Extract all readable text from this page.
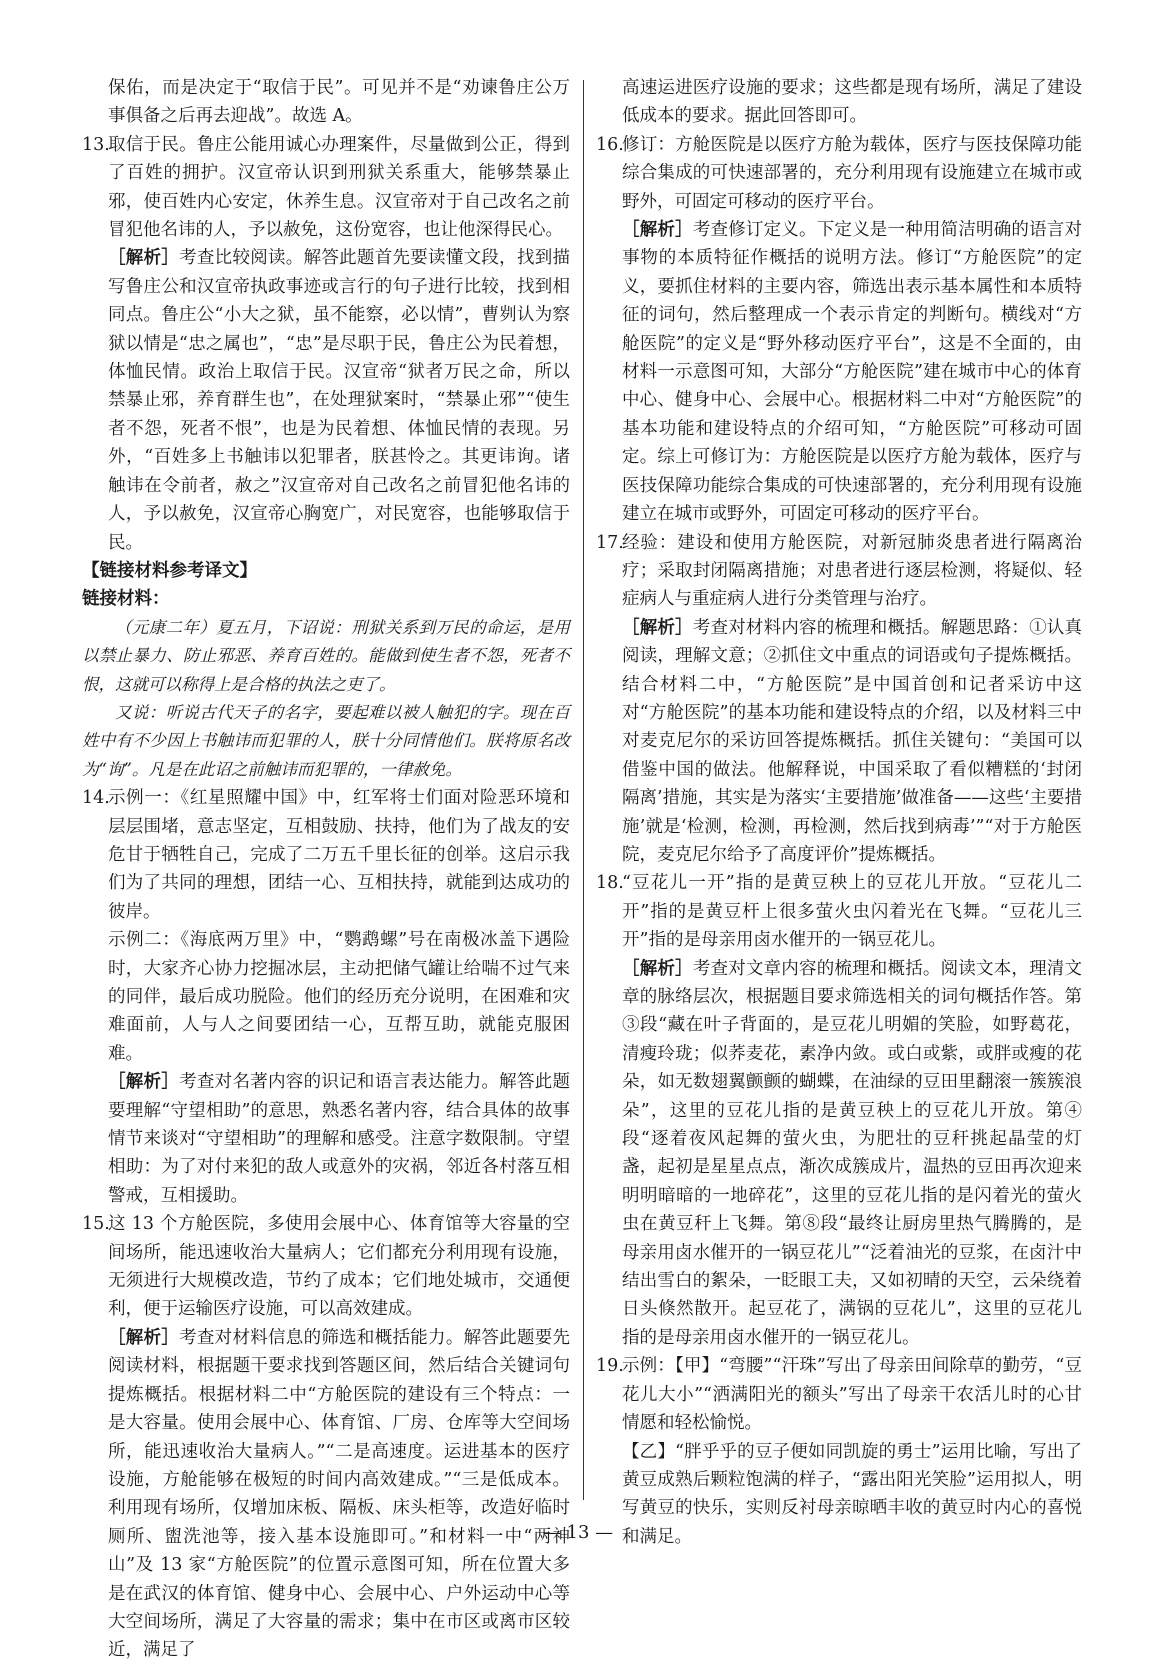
保佑，而是决定于“取信于民”。可见并不是“劝谏鲁庄公万事俱备之后再去迎战”。故选 A。

13.

取信于民。鲁庄公能用诚心办理案件，尽量做到公正，得到了百姓的拥护。汉宣帝认识到刑狱关系重大，能够禁暴止邪，使百姓内心安定，休养生息。汉宣帝对于自己改名之前冒犯他名讳的人，予以赦免，这份宽容，也让他深得民心。

［解析］考查比较阅读。解答此题首先要读懂文段，找到描写鲁庄公和汉宣帝执政事迹或言行的句子进行比较，找到相同点。鲁庄公“小大之狱，虽不能察，必以情”，曹刿认为察狱以情是“忠之属也”，“忠”是尽职于民，鲁庄公为民着想，体恤民情。政治上取信于民。汉宣帝“狱者万民之命，所以禁暴止邪，养育群生也”，在处理狱案时，“禁暴止邪”“使生者不怨，死者不恨”，也是为民着想、体恤民情的表现。另外，“百姓多上书触讳以犯罪者，朕甚怜之。其更讳询。诸触讳在令前者，赦之”汉宣帝对自己改名之前冒犯他名讳的人，予以赦免，汉宣帝心胸宽广，对民宽容，也能够取信于民。

【链接材料参考译文】

链接材料：

（元康二年）夏五月，下诏说：刑狱关系到万民的命运，是用以禁止暴力、防止邪恶、养育百姓的。能做到使生者不怨，死者不恨，这就可以称得上是合格的执法之吏了。

又说：听说古代天子的名字，要起难以被人触犯的字。现在百姓中有不少因上书触讳而犯罪的人，朕十分同情他们。朕将原名改为“询”。凡是在此诏之前触讳而犯罪的，一律赦免。

14.

示例一：《红星照耀中国》中，红军将士们面对险恶环境和层层围堵，意志坚定，互相鼓励、扶持，他们为了战友的安危甘于牺牲自己，完成了二万五千里长征的创举。这启示我们为了共同的理想，团结一心、互相扶持，就能到达成功的彼岸。

示例二：《海底两万里》中，“鹦鹉螺”号在南极冰盖下遇险时，大家齐心协力挖掘冰层，主动把储气罐让给喘不过气来的同伴，最后成功脱险。他们的经历充分说明，在困难和灾难面前，人与人之间要团结一心，互帮互助，就能克服困难。

［解析］考查对名著内容的识记和语言表达能力。解答此题要理解“守望相助”的意思，熟悉名著内容，结合具体的故事情节来谈对“守望相助”的理解和感受。注意字数限制。守望相助：为了对付来犯的敌人或意外的灾祸，邻近各村落互相警戒，互相援助。

15.

这 13 个方舱医院，多使用会展中心、体育馆等大容量的空间场所，能迅速收治大量病人；它们都充分利用现有设施，无须进行大规模改造，节约了成本；它们地处城市，交通便利，便于运输医疗设施，可以高效建成。

［解析］考查对材料信息的筛选和概括能力。解答此题要先阅读材料，根据题干要求找到答题区间，然后结合关键词句提炼概括。根据材料二中“方舱医院的建设有三个特点：一是大容量。使用会展中心、体育馆、厂房、仓库等大空间场所，能迅速收治大量病人。”“二是高速度。运进基本的医疗设施，方舱能够在极短的时间内高效建成。”“三是低成本。利用现有场所，仅增加床板、隔板、床头柜等，改造好临时厕所、盥洗池等，接入基本设施即可。”和材料一中“两神山”及 13 家“方舱医院”的位置示意图可知，所在位置大多是在武汉的体育馆、健身中心、会展中心、户外运动中心等大空间场所，满足了大容量的需求；集中在市区或离市区较近，满足了

高速运进医疗设施的要求；这些都是现有场所，满足了建设低成本的要求。据此回答即可。

16.

修订：方舱医院是以医疗方舱为载体，医疗与医技保障功能综合集成的可快速部署的，充分利用现有设施建立在城市或野外，可固定可移动的医疗平台。

［解析］考查修订定义。下定义是一种用简洁明确的语言对事物的本质特征作概括的说明方法。修订“方舱医院”的定义，要抓住材料的主要内容，筛选出表示基本属性和本质特征的词句，然后整理成一个表示肯定的判断句。横线对“方舱医院”的定义是“野外移动医疗平台”，这是不全面的，由材料一示意图可知，大部分“方舱医院”建在城市中心的体育中心、健身中心、会展中心。根据材料二中对“方舱医院”的基本功能和建设特点的介绍可知，“方舱医院”可移动可固定。综上可修订为：方舱医院是以医疗方舱为载体，医疗与医技保障功能综合集成的可快速部署的，充分利用现有设施建立在城市或野外，可固定可移动的医疗平台。

17.

经验：建设和使用方舱医院，对新冠肺炎患者进行隔离治疗；采取封闭隔离措施；对患者进行逐层检测，将疑似、轻症病人与重症病人进行分类管理与治疗。

［解析］考查对材料内容的梳理和概括。解题思路：①认真阅读，理解文意；②抓住文中重点的词语或句子提炼概括。结合材料二中，“方舱医院”是中国首创和记者采访中这对“方舱医院”的基本功能和建设特点的介绍，以及材料三中对麦克尼尔的采访回答提炼概括。抓住关键句：“美国可以借鉴中国的做法。他解释说，中国采取了看似糟糕的‘封闭隔离’措施，其实是为落实‘主要措施’做准备——这些‘主要措施’就是‘检测，检测，再检测，然后找到病毒’”“对于方舱医院，麦克尼尔给予了高度评价”提炼概括。

18.

“豆花儿一开”指的是黄豆秧上的豆花儿开放。“豆花儿二开”指的是黄豆杆上很多萤火虫闪着光在飞舞。“豆花儿三开”指的是母亲用卤水催开的一锅豆花儿。

［解析］考查对文章内容的梳理和概括。阅读文本，理清文章的脉络层次，根据题目要求筛选相关的词句概括作答。第③段“藏在叶子背面的，是豆花儿明媚的笑脸，如野葛花，清瘦玲珑；似荞麦花，素净内敛。或白或紫，或胖或瘦的花朵，如无数翅翼颤颤的蝴蝶，在油绿的豆田里翻滚一簇簇浪朵”，这里的豆花儿指的是黄豆秧上的豆花儿开放。第④段“逐着夜风起舞的萤火虫，为肥壮的豆秆挑起晶莹的灯盏，起初是星星点点，渐次成簇成片，温热的豆田再次迎来明明暗暗的一地碎花”，这里的豆花儿指的是闪着光的萤火虫在黄豆秆上飞舞。第⑧段“最终让厨房里热气腾腾的，是母亲用卤水催开的一锅豆花儿”“泛着油光的豆浆，在卤汁中结出雪白的絮朵，一眨眼工夫，又如初晴的天空，云朵绕着日头倏然散开。起豆花了，满锅的豆花儿”，这里的豆花儿指的是母亲用卤水催开的一锅豆花儿。

19.

示例：【甲】“弯腰”“汗珠”写出了母亲田间除草的勤劳，“豆花儿大小”“洒满阳光的额头”写出了母亲干农活儿时的心甘情愿和轻松愉悦。

【乙】“胖乎乎的豆子便如同凯旋的勇士”运用比喻，写出了黄豆成熟后颗粒饱满的样子，“露出阳光笑脸”运用拟人，明写黄豆的快乐，实则反衬母亲晾晒丰收的黄豆时内心的喜悦和满足。

— 13 —
